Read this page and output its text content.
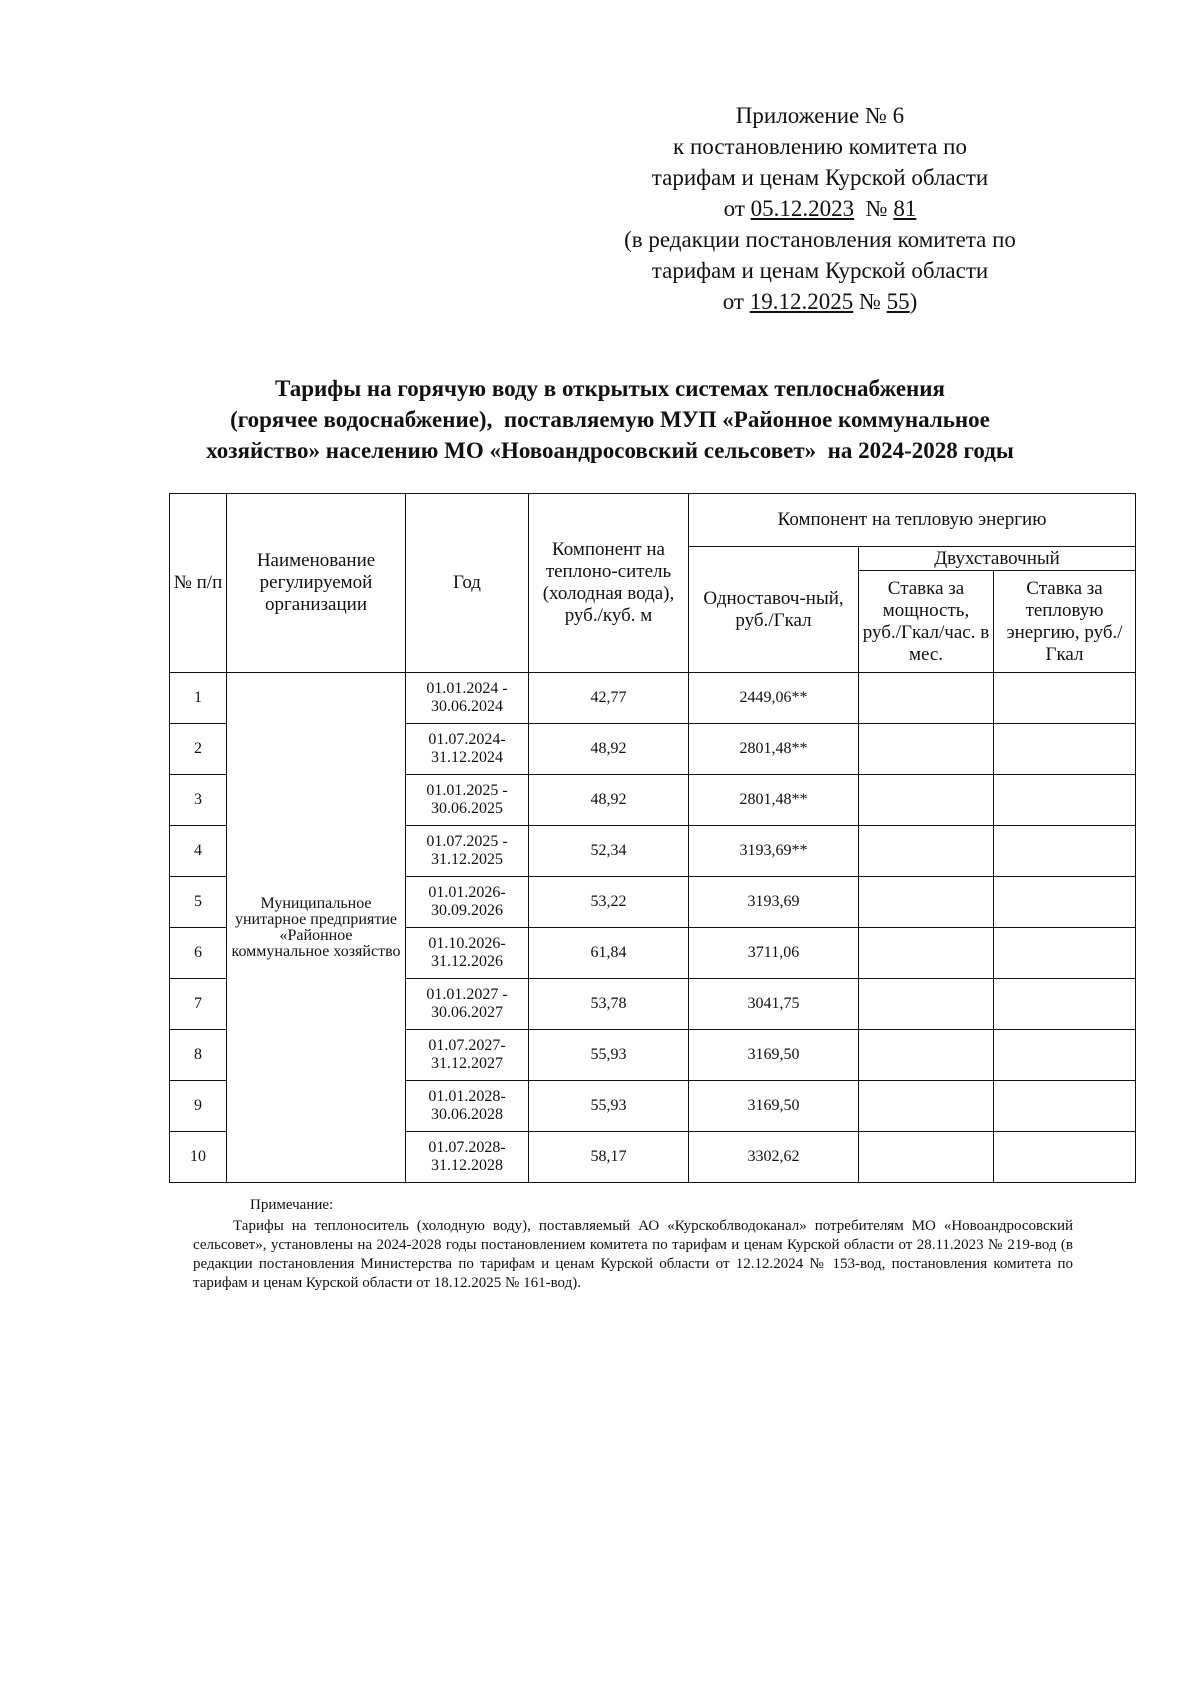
Приложение № 6
к постановлению комитета по
тарифам и ценам Курской области
от 05.12.2023  № 81
(в редакции постановления комитета по
тарифам и ценам Курской области
от 19.12.2025 № 55)
Тарифы на горячую воду в открытых системах теплоснабжения
(горячее водоснабжение),  поставляемую МУП «Районное коммунальное
хозяйство» населению МО «Новоандросовский сельсовет»  на 2024-2028 годы
№ п/п	Наименование регулируемой организации	Год	Компонент на теплоно-ситель (холодная вода), руб./куб. м	Компонент на тепловую энергию		
				Одноставоч-ный, руб./Гкал	Двухставочный	
					Ставка за мощность, руб./Гкал/час. в мес.	Ставка за тепловую энергию, руб./Гкал
1	Муниципальное унитарное предприятие «Районное коммунальное хозяйство	01.01.2024 - 30.06.2024	42,77	2449,06**		
2		01.07.2024- 31.12.2024	48,92	2801,48**		
3		01.01.2025 - 30.06.2025	48,92	2801,48**		
4		01.07.2025 - 31.12.2025	52,34	3193,69**		
5		01.01.2026- 30.09.2026	53,22	3193,69		
6		01.10.2026- 31.12.2026	61,84	3711,06		
7		01.01.2027 - 30.06.2027	53,78	3041,75		
8		01.07.2027- 31.12.2027	55,93	3169,50		
9		01.01.2028- 30.06.2028	55,93	3169,50		
10		01.07.2028- 31.12.2028	58,17	3302,62		
Примечание:
Тарифы на теплоноситель (холодную воду), поставляемый АО «Курскоблводоканал» потребителям МО «Новоандросовский сельсовет», установлены на 2024-2028 годы постановлением комитета по тарифам и ценам Курской области от 28.11.2023 № 219-вод (в редакции постановления Министерства по тарифам и ценам Курской области от 12.12.2024 № 153-вод, постановления комитета по тарифам и ценам Курской области от 18.12.2025 № 161-вод).
